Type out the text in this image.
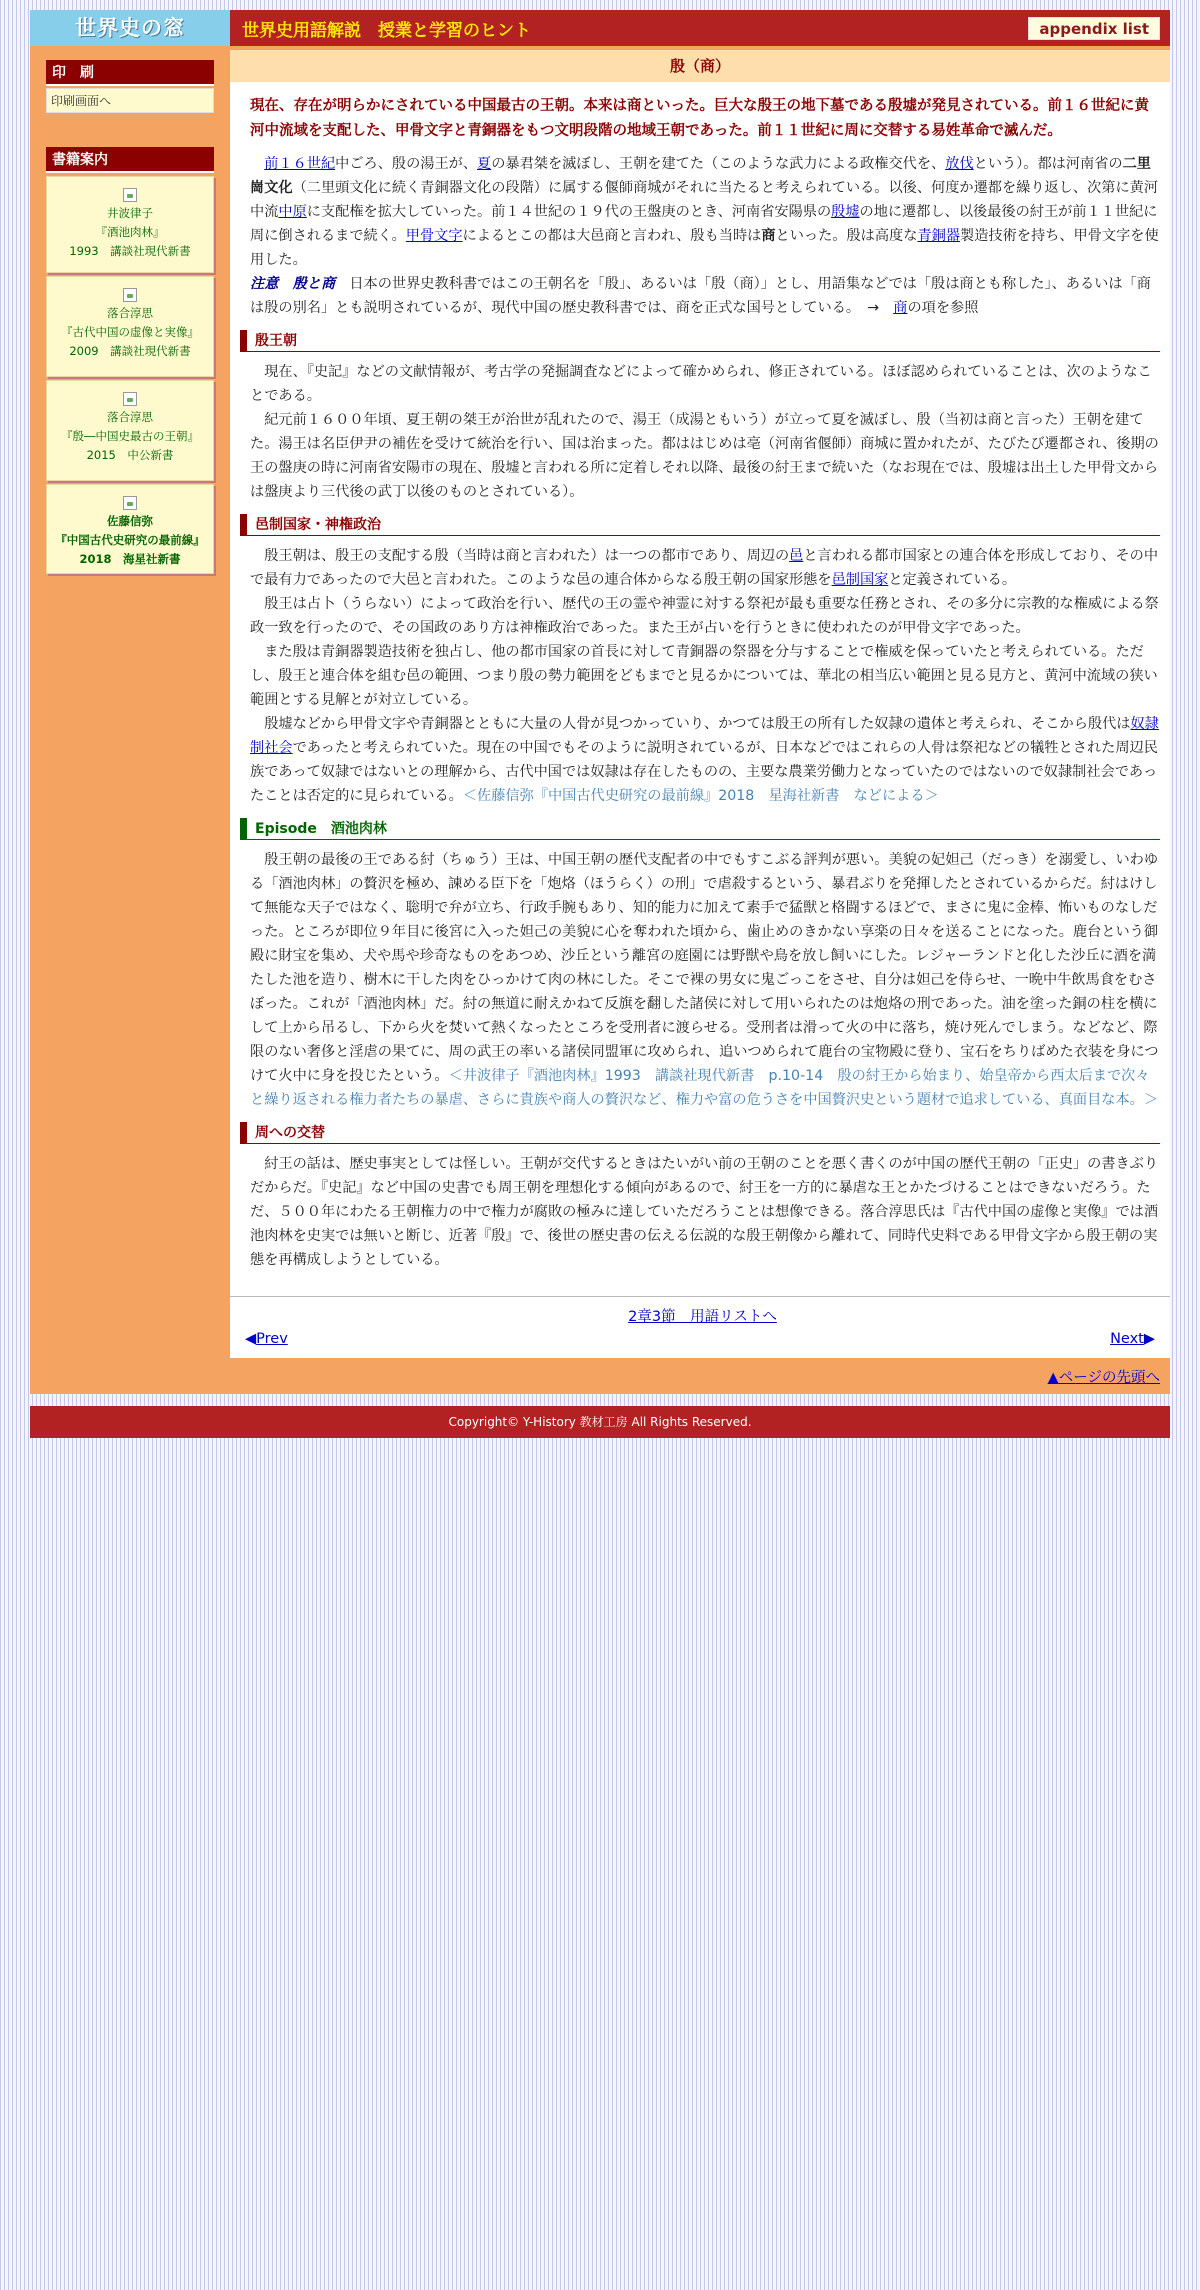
世界史の窓	世界史用語解説　授業と学習のヒント	appendix list
印　刷
印刷画面へ
書籍案内

井波律子
『酒池肉林』
1993　講談社現代新書

落合淳思
『古代中国の虚像と実像』
2009　講談社現代新書

落合淳思
『殷―中国史最古の王朝』
2015　中公新書

佐藤信弥
『中国古代史研究の最前線』
2018　海星社新書
殷（商）
現在、存在が明らかにされている中国最古の王朝。本来は商といった。巨大な殷王の地下墓である殷墟が発見されている。前１６世紀に黄河中流域を支配した、甲骨文字と青銅器をもつ文明段階の地域王朝であった。前１１世紀に周に交替する易姓革命で滅んだ。

前１６世紀中ごろ、殷の湯王が、夏の暴君桀を滅ぼし、王朝を建てた（このような武力による政権交代を、放伐という）。都は河南省の二里崗文化（二里頭文化に続く青銅器文化の段階）に属する偃師商城がそれに当たると考えられている。以後、何度か遷都を繰り返し、次第に黄河中流中原に支配権を拡大していった。前１４世紀の１９代の王盤庚のとき、河南省安陽県の殷墟の地に遷都し、以後最後の紂王が前１１世紀に周に倒されるまで続く。甲骨文字によるとこの都は大邑商と言われ、殷も当時は商といった。殷は高度な青銅器製造技術を持ち、甲骨文字を使用した。

注意　殷と商　日本の世界史教科書ではこの王朝名を「殷」、あるいは「殷（商）」とし、用語集などでは「殷は商とも称した」、あるいは「商は殷の別名」とも説明されているが、現代中国の歴史教科書では、商を正式な国号としている。　→　商の項を参照

殷王朝

現在、『史記』などの文献情報が、考古学の発掘調査などによって確かめられ、修正されている。ほぼ認められていることは、次のようなことである。

紀元前１６００年頃、夏王朝の桀王が治世が乱れたので、湯王（成湯ともいう）が立って夏を滅ぼし、殷（当初は商と言った）王朝を建てた。湯王は名臣伊尹の補佐を受けて統治を行い、国は治まった。都ははじめは亳（河南省偃師）商城に置かれたが、たびたび遷都され、後期の王の盤庚の時に河南省安陽市の現在、殷墟と言われる所に定着しそれ以降、最後の紂王まで続いた（なお現在では、殷墟は出土した甲骨文からは盤庚より三代後の武丁以後のものとされている）。

邑制国家・神権政治

殷王朝は、殷王の支配する殷（当時は商と言われた）は一つの都市であり、周辺の邑と言われる都市国家との連合体を形成しており、その中で最有力であったので大邑と言われた。このような邑の連合体からなる殷王朝の国家形態を邑制国家と定義されている。

殷王は占卜（うらない）によって政治を行い、歴代の王の霊や神霊に対する祭祀が最も重要な任務とされ、その多分に宗教的な権威による祭政一致を行ったので、その国政のあり方は神権政治であった。また王が占いを行うときに使われたのが甲骨文字であった。

また殷は青銅器製造技術を独占し、他の都市国家の首長に対して青銅器の祭器を分与することで権威を保っていたと考えられている。ただし、殷王と連合体を組む邑の範囲、つまり殷の勢力範囲をどもまでと見るかについては、華北の相当広い範囲と見る見方と、黄河中流域の狭い範囲とする見解とが対立している。

殷墟などから甲骨文字や青銅器とともに大量の人骨が見つかっていり、かつては殷王の所有した奴隷の遺体と考えられ、そこから殷代は奴隷制社会であったと考えられていた。現在の中国でもそのように説明されているが、日本などではこれらの人骨は祭祀などの犠牲とされた周辺民族であって奴隷ではないとの理解から、古代中国では奴隷は存在したものの、主要な農業労働力となっていたのではないので奴隷制社会であったことは否定的に見られている。＜佐藤信弥『中国古代史研究の最前線』2018　星海社新書　などによる＞

Episode　酒池肉林

殷王朝の最後の王である紂（ちゅう）王は、中国王朝の歴代支配者の中でもすこぶる評判が悪い。美貌の妃妲己（だっき）を溺愛し、いわゆる「酒池肉林」の贅沢を極め、諫める臣下を「炮烙（ほうらく）の刑」で虐殺するという、暴君ぶりを発揮したとされているからだ。紂はけして無能な天子ではなく、聡明で弁が立ち、行政手腕もあり、知的能力に加えて素手で猛獣と格闘するほどで、まさに鬼に金棒、怖いものなしだった。ところが即位９年目に後宮に入った妲己の美貌に心を奪われた頃から、歯止めのきかない享楽の日々を送ることになった。鹿台という御殿に財宝を集め、犬や馬や珍奇なものをあつめ、沙丘という離宮の庭園には野獣や鳥を放し飼いにした。レジャーランドと化した沙丘に酒を満たした池を造り、樹木に干した肉をひっかけて肉の林にした。そこで裸の男女に鬼ごっこをさせ、自分は妲己を侍らせ、一晩中牛飲馬食をむさぼった。これが「酒池肉林」だ。紂の無道に耐えかねて反旗を翻した諸侯に対して用いられたのは炮烙の刑であった。油を塗った銅の柱を横にして上から吊るし、下から火を焚いて熱くなったところを受刑者に渡らせる。受刑者は滑って火の中に落ち，焼け死んでしまう。などなど、際限のない奢侈と淫虐の果てに、周の武王の率いる諸侯同盟軍に攻められ、追いつめられて鹿台の宝物殿に登り、宝石をちりばめた衣装を身につけて火中に身を投じたという。＜井波律子『酒池肉林』1993　講談社現代新書　p.10-14　殷の紂王から始まり、始皇帝から西太后まで次々と繰り返される権力者たちの暴虐、さらに貴族や商人の贅沢など、権力や富の危うさを中国贅沢史という題材で追求している、真面目な本。＞

周への交替

紂王の話は、歴史事実としては怪しい。王朝が交代するときはたいがい前の王朝のことを悪く書くのが中国の歴代王朝の「正史」の書きぶりだからだ。『史記』など中国の史書でも周王朝を理想化する傾向があるので、紂王を一方的に暴虐な王とかたづけることはできないだろう。ただ、５００年にわたる王朝権力の中で権力が腐敗の極みに達していただろうことは想像できる。落合淳思氏は『古代中国の虚像と実像』では酒池肉林を史実では無いと断じ、近著『殷』で、後世の歴史書の伝える伝説的な殷王朝像から離れて、同時代史料である甲骨文字から殷王朝の実態を再構成しようとしている。

2章3節　用語リストへ
◀Prev	Next▶
▲ページの先頭へ
Copyright© Y-History 教材工房 All Rights Reserved.
